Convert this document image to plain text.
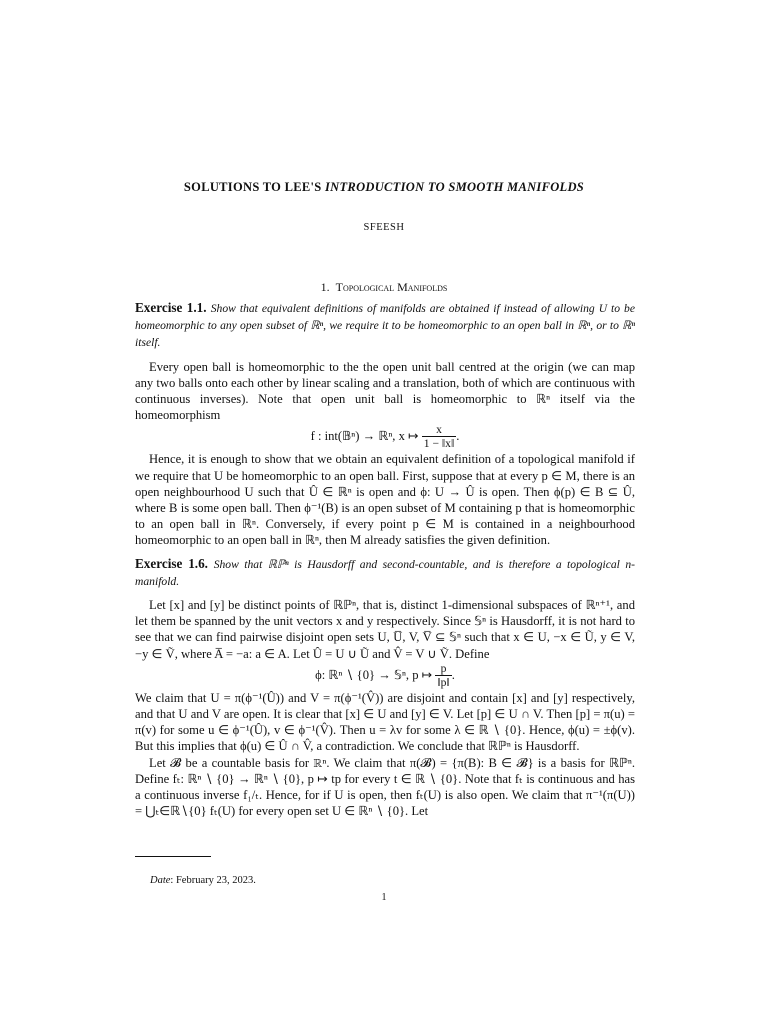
SOLUTIONS TO LEE'S INTRODUCTION TO SMOOTH MANIFOLDS
SFEESH
1. Topological Manifolds

Exercise 1.1. Show that equivalent definitions of manifolds are obtained if instead of allowing U to be homeomorphic to any open subset of ℝⁿ, we require it to be homeomorphic to an open ball in ℝⁿ, or to ℝⁿ itself.

Every open ball is homeomorphic to the the open unit ball centred at the origin (we can map any two balls onto each other by linear scaling and a translation, both of which are continuous with continuous inverses). Note that open unit ball is homeomorphic to ℝⁿ itself via the homeomorphism

f : int(𝔹ⁿ) → ℝⁿ, x ↦ $\frac{x}{1 - ‖x‖}$ .

Hence, it is enough to show that we obtain an equivalent definition of a topological manifold if we require that U be homeomorphic to an open ball. First, suppose that at every p ∈ M, there is an open neighbourhood U such that Û ∈ ℝⁿ is open and ϕ: U → Û is open. Then ϕ(p) ∈ B ⊆ Û, where B is some open ball. Then ϕ⁻¹(B) is an open subset of M containing p that is homeomorphic to an open ball in ℝⁿ. Conversely, if every point p ∈ M is contained in a neighbourhood homeomorphic to an open ball in ℝⁿ, then M already satisfies the given definition.

Exercise 1.6. Show that ℝℙⁿ is Hausdorff and second-countable, and is therefore a topological n-manifold.

Let [x] and [y] be distinct points of ℝℙⁿ, that is, distinct 1-dimensional subspaces of ℝⁿ⁺¹, and let them be spanned by the unit vectors x and y respectively. Since 𝕊ⁿ is Hausdorff, it is not hard to see that we can find pairwise disjoint open sets U, U̅, V, V̅ ⊆ 𝕊ⁿ such that x ∈ U, −x ∈ Ũ, y ∈ V, −y ∈ Ṽ, where A̅ = −a: a ∈ A. Let Û = U ∪ Ũ and V̂ = V ∪ Ṽ. Define

ϕ: ℝⁿ ∖ {0} → 𝕊ⁿ, p ↦ $\frac{p}{‖p‖}$ .

We claim that U = π(ϕ⁻¹(Û)) and V = π(ϕ⁻¹(V̂)) are disjoint and contain [x] and [y] respectively, and that U and V are open. It is clear that [x] ∈ U and [y] ∈ V. Let [p] ∈ U ∩ V. Then [p] = π(u) = π(v) for some u ∈ ϕ⁻¹(Û), v ∈ ϕ⁻¹(V̂). Then u = λv for some λ ∈ ℝ ∖ {0}. Hence, ϕ(u) = ±ϕ(v). But this implies that ϕ(u) ∈ Û ∩ V̂, a contradiction. We conclude that ℝℙⁿ is Hausdorff.

Let 𝓑 be a countable basis for ℝⁿ. We claim that π(𝓑) = {π(B): B ∈ 𝓑} is a basis for ℝℙⁿ. Define fₜ: ℝⁿ ∖ {0} → ℝⁿ ∖ {0}, p ↦ tp for every t ∈ ℝ ∖ {0}. Note that fₜ is continuous and has a continuous inverse f₁/ₜ. Hence, for if U is open, then fₜ(U) is also open. We claim that π⁻¹(π(U)) = ⋃ₜ∈ℝ∖{0} fₜ(U) for every open set U ∈ ℝⁿ ∖ {0}. Let

Date: February 23, 2023.
1
